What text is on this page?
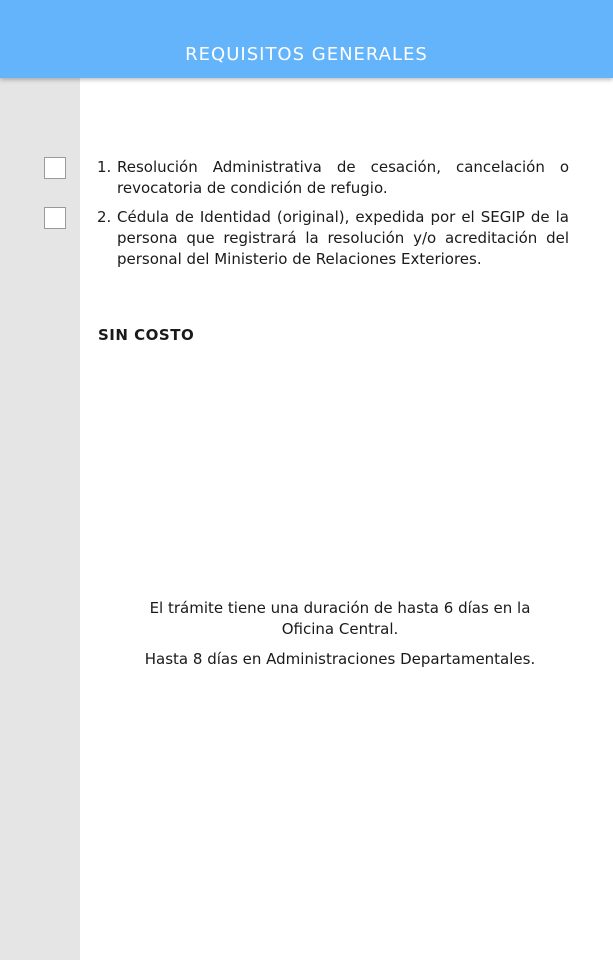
REQUISITOS GENERALES
1. Resolución Administrativa de cesación, cancelación o revocatoria de condición de refugio.
2. Cédula de Identidad (original), expedida por el SEGIP de la persona que registrará la resolución y/o acreditación del personal del Ministerio de Relaciones Exteriores.
SIN COSTO
El trámite tiene una duración de hasta 6 días en la Oficina Central.
Hasta 8 días en Administraciones Departamentales.
